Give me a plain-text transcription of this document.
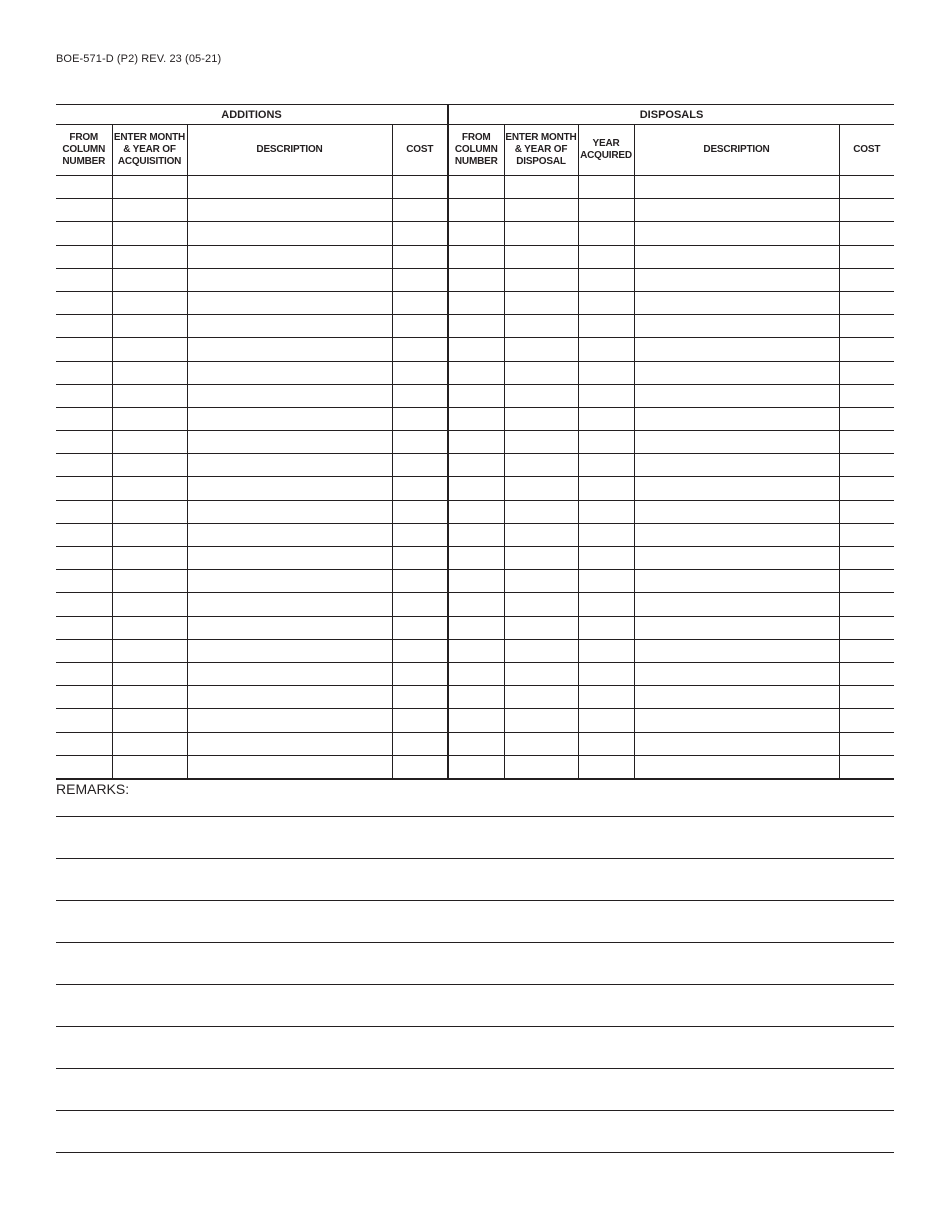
BOE-571-D (P2) REV. 23 (05-21)
ADDITIONS				DISPOSALS				
FROM
COLUMN
NUMBER	ENTER MONTH
& YEAR OF
ACQUISITION	DESCRIPTION	COST	FROM
COLUMN
NUMBER	ENTER MONTH
& YEAR OF
DISPOSAL	YEAR
ACQUIRED	DESCRIPTION	COST

REMARKS:
